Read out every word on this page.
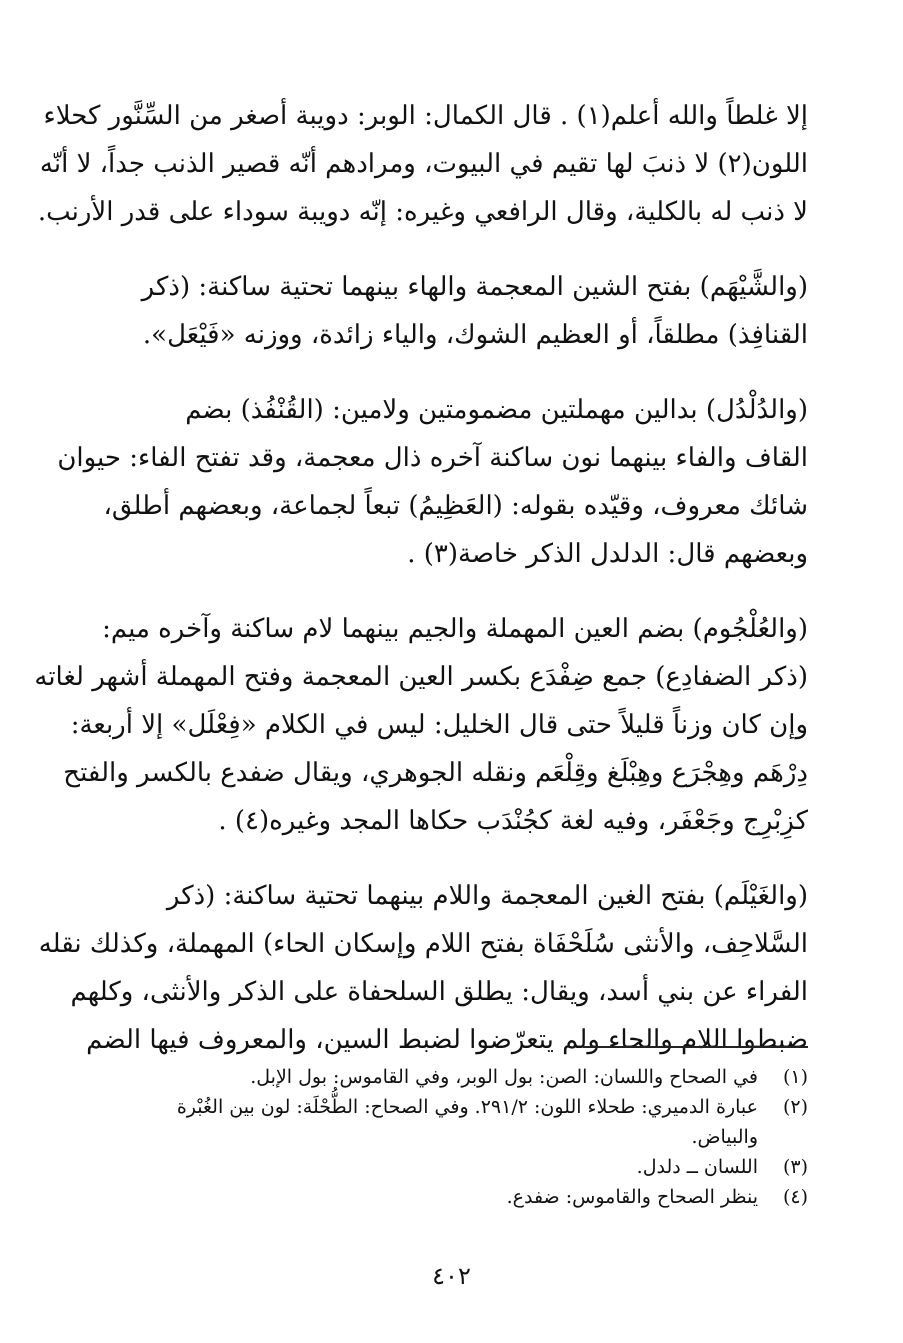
إلا غلطاً والله أعلم(١) . قال الكمال: الوبر: دويبة أصغر من السِّنَّور كحلاء
اللون(٢) لا ذنبَ لها تقيم في البيوت، ومرادهم أنّه قصير الذنب جداً، لا أنّه
لا ذنب له بالكلية، وقال الرافعي وغيره: إنّه دويبة سوداء على قدر الأرنب.

(والشَّيْهَم) بفتح الشين المعجمة والهاء بينهما تحتية ساكنة: (ذكر
القنافِذ) مطلقاً، أو العظيم الشوك، والياء زائدة، ووزنه «فَيْعَل».

(والدُلْدُل) بدالين مهملتين مضمومتين ولامين: (القُنْفُذ) بضم
القاف والفاء بينهما نون ساكنة آخره ذال معجمة، وقد تفتح الفاء: حيوان
شائك معروف، وقيّده بقوله: (العَظِيمُ) تبعاً لجماعة، وبعضهم أطلق،
وبعضهم قال: الدلدل الذكر خاصة(٣) .

(والعُلْجُوم) بضم العين المهملة والجيم بينهما لام ساكنة وآخره ميم:
(ذكر الضفادِع) جمع ضِفْدَع بكسر العين المعجمة وفتح المهملة أشهر لغاته
وإن كان وزناً قليلاً حتى قال الخليل: ليس في الكلام «فِعْلَل» إلا أربعة:
دِرْهَم وهِجْرَع وهِبْلَغ وقِلْعَم ونقله الجوهري، ويقال ضفدع بالكسر والفتح
كزِبْرِج وجَعْفَر، وفيه لغة كجُنْدَب حكاها المجد وغيره(٤) .

(والغَيْلَم) بفتح الغين المعجمة واللام بينهما تحتية ساكنة: (ذكر
السَّلاحِف، والأنثى سُلَحْفَاة بفتح اللام وإسكان الحاء) المهملة، وكذلك نقله
الفراء عن بني أسد، ويقال: يطلق السلحفاة على الذكر والأنثى، وكلهم
ضبطوا اللام والحاء ولم يتعرّضوا لضبط السين، والمعروف فيها الضم

(١)
في الصحاح واللسان: الصن: بول الوبر، وفي القاموس: بول الإبل.
(٢)
عبارة الدميري: طحلاء اللون: ٢٩١/٢. وفي الصحاح: الطُّحْلَة: لون بين الغُبْرة
والبياض.
(٣)
اللسان ــ دلدل.
(٤)
ينظر الصحاح والقاموس: ضفدع.
٤٠٢
